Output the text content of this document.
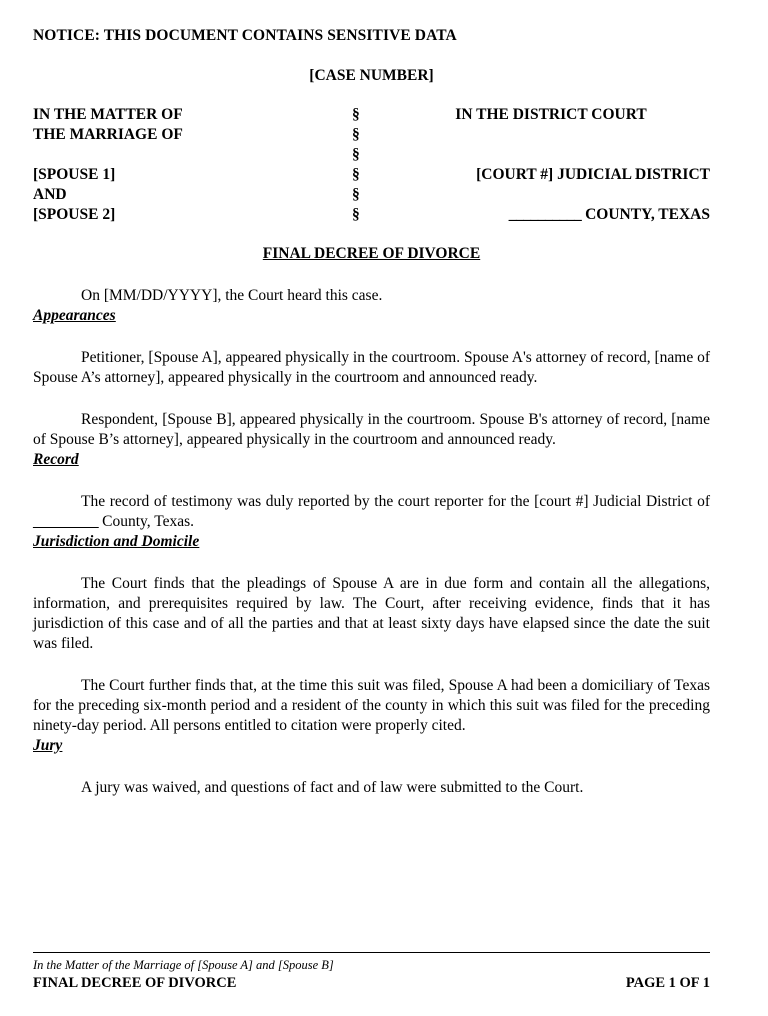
NOTICE: THIS DOCUMENT CONTAINS SENSITIVE DATA
[CASE NUMBER]
IN THE MATTER OF	§	IN THE DISTRICT COURT
THE MARRIAGE OF	§	
	§	
[SPOUSE 1]	§	[COURT #] JUDICIAL DISTRICT
AND	§	
[SPOUSE 2]	§	__________ COUNTY, TEXAS
FINAL DECREE OF DIVORCE

On [MM/DD/YYYY], the Court heard this case.

Appearances

Petitioner, [Spouse A], appeared physically in the courtroom. Spouse A's attorney of record, [name of Spouse A’s attorney], appeared physically in the courtroom and announced ready.

Respondent, [Spouse B], appeared physically in the courtroom. Spouse B's attorney of record, [name of Spouse B’s attorney], appeared physically in the courtroom and announced ready.

Record

The record of testimony was duly reported by the court reporter for the [court #] Judicial District of _________ County, Texas.

Jurisdiction and Domicile

The Court finds that the pleadings of Spouse A are in due form and contain all the allegations, information, and prerequisites required by law. The Court, after receiving evidence, finds that it has jurisdiction of this case and of all the parties and that at least sixty days have elapsed since the date the suit was filed.

The Court further finds that, at the time this suit was filed, Spouse A had been a domiciliary of Texas for the preceding six-month period and a resident of the county in which this suit was filed for the preceding ninety-day period. All persons entitled to citation were properly cited.

Jury

A jury was waived, and questions of fact and of law were submitted to the Court.

In the Matter of the Marriage of [Spouse A] and [Spouse B]
FINAL DECREE OF DIVORCE	PAGE 1 OF 1
